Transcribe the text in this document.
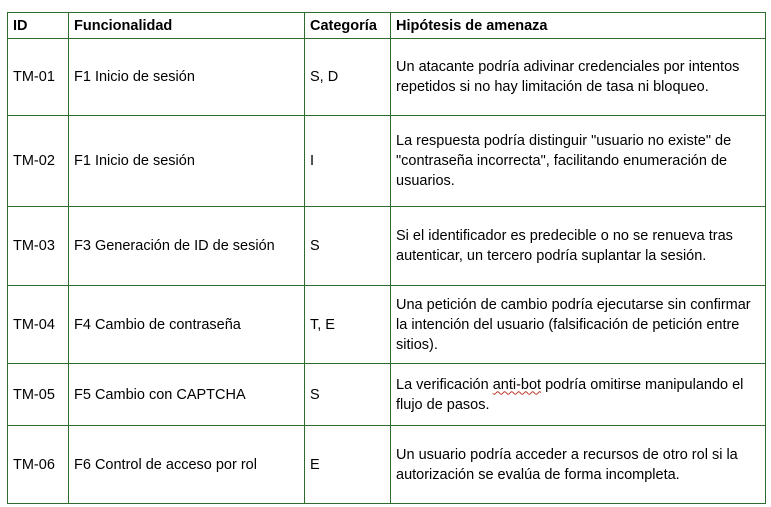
ID	Funcionalidad	Categoría	Hipótesis de amenaza
TM-01	F1 Inicio de sesión	S, D	Un atacante podría adivinar credenciales por intentos repetidos si no hay limitación de tasa ni bloqueo.
TM-02	F1 Inicio de sesión	I	La respuesta podría distinguir "usuario no existe" de "contraseña incorrecta", facilitando enumeración de usuarios.
TM-03	F3 Generación de ID de sesión	S	Si el identificador es predecible o no se renueva tras autenticar, un tercero podría suplantar la sesión.
TM-04	F4 Cambio de contraseña	T, E	Una petición de cambio podría ejecutarse sin confirmar la intención del usuario (falsificación de petición entre sitios).
TM-05	F5 Cambio con CAPTCHA	S	La verificación anti-bot podría omitirse manipulando el flujo de pasos.
TM-06	F6 Control de acceso por rol	E	Un usuario podría acceder a recursos de otro rol si la autorización se evalúa de forma incompleta.
